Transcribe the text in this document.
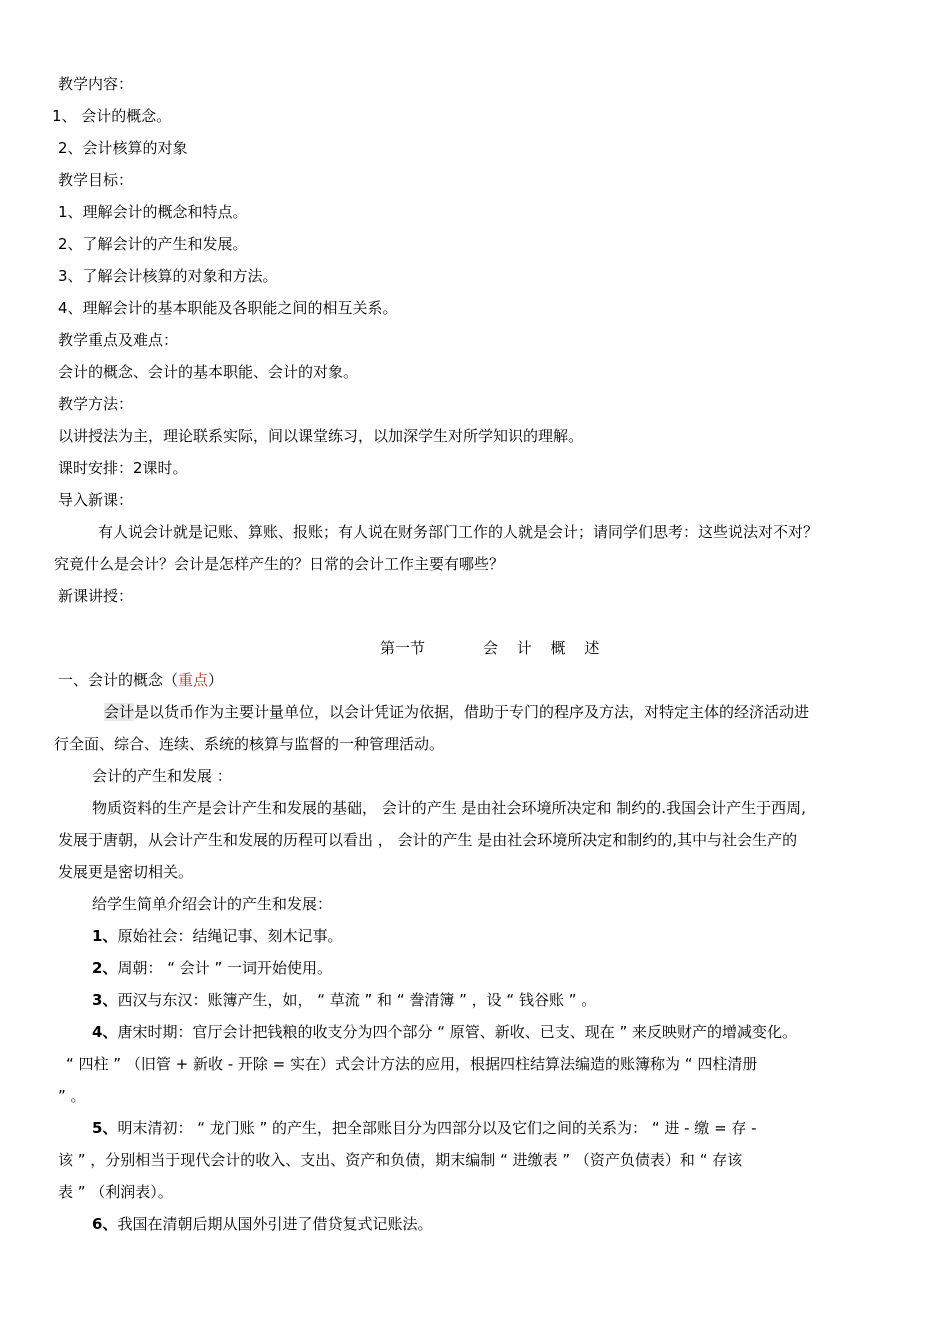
教学内容：
1、 会计的概念。
2、会计核算的对象
教学目标：
1、理解会计的概念和特点。
2、了解会计的产生和发展。
3、了解会计核算的对象和方法。
4、理解会计的基本职能及各职能之间的相互关系。
教学重点及难点：
会计的概念、会计的基本职能、会计的对象。
教学方法：
以讲授法为主，理论联系实际，间以课堂练习，以加深学生对所学知识的理解。
课时安排：2课时。
导入新课：
有人说会计就是记账、算账、报账；有人说在财务部门工作的人就是会计；请同学们思考：这些说法对不对？
究竟什么是会计？会计是怎样产生的？日常的会计工作主要有哪些？
新课讲授：
第一节	会 计 概 述
一、会计的概念（重点）
会计是以货币作为主要计量单位，以会计凭证为依据，借助于专门的程序及方法，对特定主体的经济活动进
行全面、综合、连续、系统的核算与监督的一种管理活动。
会计的产生和发展 ：
物质资料的生产是会计产生和发展的基础， 会计的产生 是由社会环境所决定和 制约的.我国会计产生于西周,
发展于唐朝，从会计产生和发展的历程可以看出 ， 会计的产生 是由社会环境所决定和制约的,其中与社会生产的
发展更是密切相关。
给学生简单介绍会计的产生和发展：
1、原始社会：结绳记事、刻木记事。
2、周朝： “ 会计 ” 一词开始使用。
3、西汉与东汉：账簿产生，如， “ 草流 ” 和 “ 誊清簿 ” ，设 “ 钱谷账 ” 。
4、唐宋时期：官厅会计把钱粮的收支分为四个部分 “ 原管、新收、已支、现在 ” 来反映财产的增减变化。
“ 四柱 ” （旧管 + 新收 - 开除 = 实在）式会计方法的应用，根据四柱结算法编造的账簿称为 “ 四柱清册
” 。
5、明末清初： “ 龙门账 ” 的产生，把全部账目分为四部分以及它们之间的关系为： “ 进 - 缴 = 存 -
该 ” ，分别相当于现代会计的收入、支出、资产和负债，期末编制 “ 进缴表 ” （资产负债表）和 “ 存该
表 ” （利润表）。
6、我国在清朝后期从国外引进了借贷复式记账法。
